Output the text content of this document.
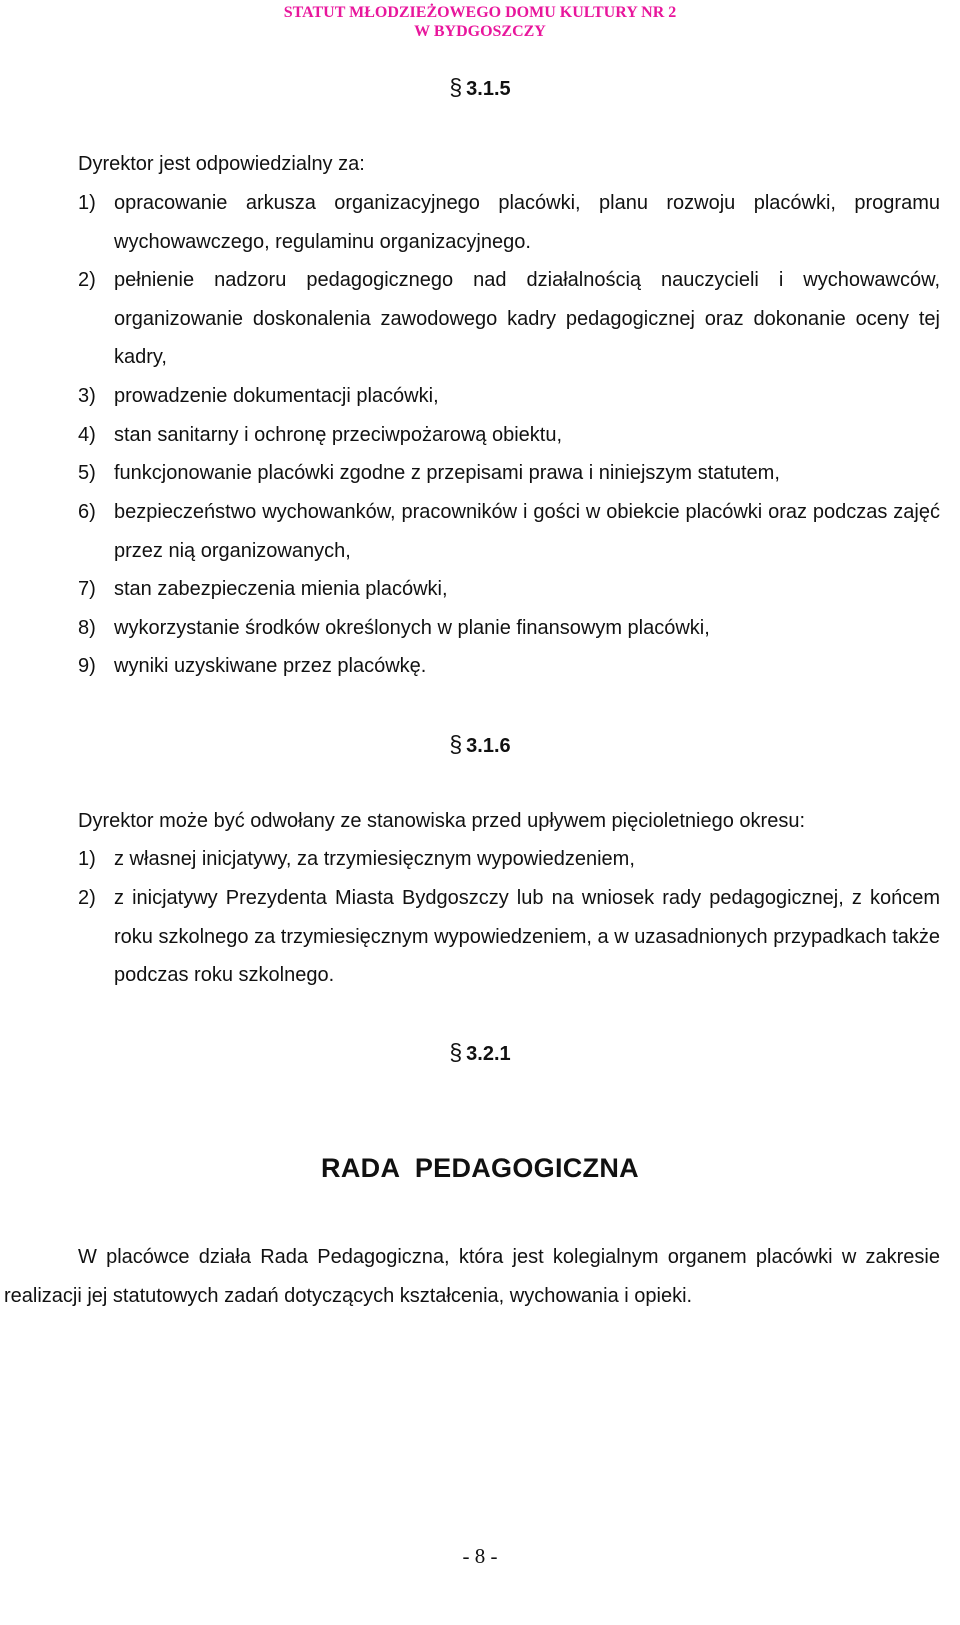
STATUT MŁODZIEŻOWEGO DOMU KULTURY NR 2
W BYDGOSZCZY
§ 3.1.5
Dyrektor jest odpowiedzialny za:
1) opracowanie arkusza organizacyjnego placówki, planu rozwoju placówki, programu wychowawczego, regulaminu organizacyjnego.
2) pełnienie nadzoru pedagogicznego nad działalnością nauczycieli i wychowawców, organizowanie doskonalenia zawodowego kadry pedagogicznej oraz dokonanie oceny tej kadry,
3) prowadzenie dokumentacji placówki,
4) stan sanitarny i ochronę przeciwpożarową obiektu,
5) funkcjonowanie placówki zgodne z przepisami prawa i niniejszym statutem,
6) bezpieczeństwo wychowanków, pracowników i gości w obiekcie placówki oraz podczas zajęć przez nią organizowanych,
7) stan zabezpieczenia mienia placówki,
8) wykorzystanie środków określonych w planie finansowym placówki,
9) wyniki uzyskiwane przez placówkę.
§ 3.1.6
Dyrektor może być odwołany ze stanowiska przed upływem pięcioletniego okresu:
1) z własnej inicjatywy, za trzymiesięcznym wypowiedzeniem,
2) z inicjatywy Prezydenta Miasta Bydgoszczy lub na wniosek rady pedagogicznej, z końcem roku szkolnego za trzymiesięcznym wypowiedzeniem, a w uzasadnionych przypadkach także podczas roku szkolnego.
§ 3.2.1
RADA  PEDAGOGICZNA
W placówce działa Rada Pedagogiczna, która jest kolegialnym organem placówki w zakresie realizacji jej statutowych zadań dotyczących kształcenia, wychowania i opieki.
- 8 -
